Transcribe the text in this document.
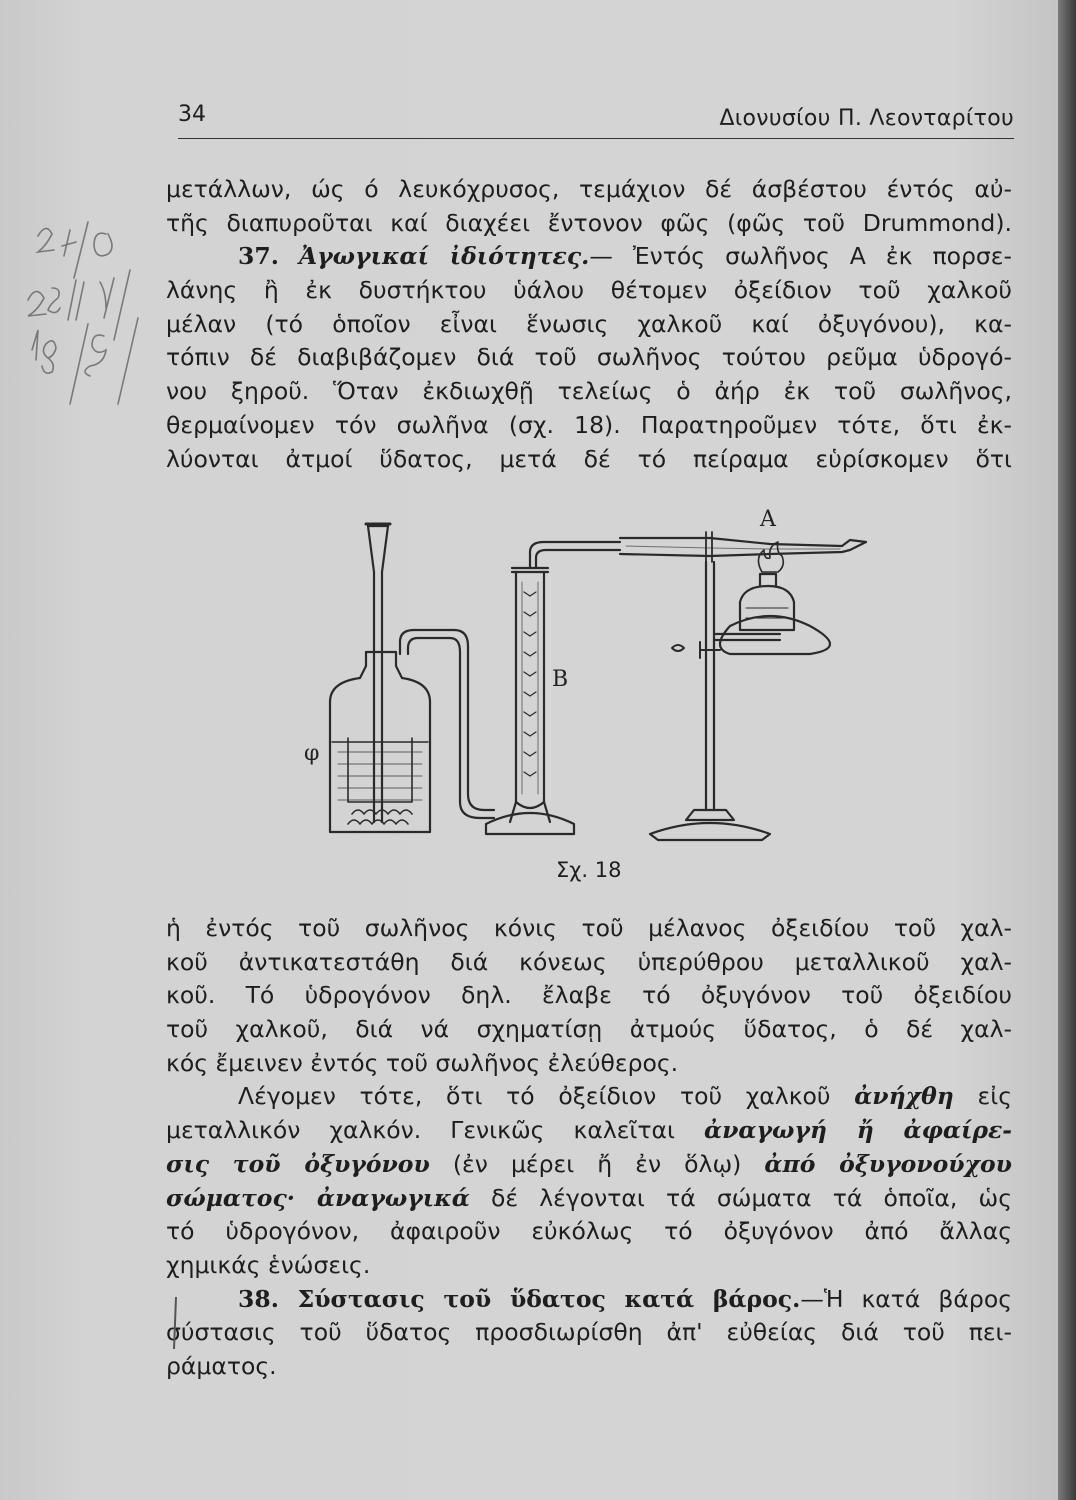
34	Διονυσίου Π. Λεονταρίτου
μετάλλων, ώς ό λευκόχρυσος, τεμάχιον δέ άσβέστου έντός αὐ-
τῆς διαπυροῦται καί διαχέει ἔντονον φῶς (φῶς τοῦ Drummond).
37. Ἀγωγικαί ἰδιότητες.— Ἐντός σωλῆνος Α ἐκ πορσε-
λάνης ἢ ἐκ δυστήκτου ὑάλου θέτομεν ὀξείδιον τοῦ χαλκοῦ
μέλαν (τό ὁποῖον εἶναι ἕνωσις χαλκοῦ καί ὀξυγόνου), κα-
τόπιν δέ διαβιβάζομεν διά τοῦ σωλῆνος τούτου ρεῦμα ὑδρογό-
νου ξηροῦ. Ὅταν ἐκδιωχθῇ τελείως ὁ ἀήρ ἐκ τοῦ σωλῆνος,
θερμαίνομεν τόν σωλῆνα (σχ. 18). Παρατηροῦμεν τότε, ὅτι ἐκ-
λύονται ἀτμοί ὕδατος, μετά δέ τό πείραμα εὑρίσκομεν ὅτι
Α
Β
φ
Σχ. 18
ἡ ἐντός τοῦ σωλῆνος κόνις τοῦ μέλανος ὀξειδίου τοῦ χαλ-
κοῦ ἀντικατεστάθη διά κόνεως ὑπερύθρου μεταλλικοῦ χαλ-
κοῦ. Τό ὑδρογόνον δηλ. ἔλαβε τό ὀξυγόνον τοῦ ὀξειδίου
τοῦ χαλκοῦ, διά νά σχηματίσῃ ἀτμούς ὕδατος, ὁ δέ χαλ-
κός ἔμεινεν ἐντός τοῦ σωλῆνος ἐλεύθερος.
Λέγομεν τότε, ὅτι τό ὀξείδιον τοῦ χαλκοῦ ἀνήχθη εἰς
μεταλλικόν χαλκόν. Γενικῶς καλεῖται ἀναγωγή ἤ ἀφαίρε-
σις τοῦ ὀξυγόνου (ἐν μέρει ἤ ἐν ὅλῳ) ἀπό ὀξυγονούχου
σώματος· ἀναγωγικά δέ λέγονται τά σώματα τά ὁποῖα, ὡς
τό ὑδρογόνον, ἀφαιροῦν εὐκόλως τό ὀξυγόνον ἀπό ἄλλας
χημικάς ἑνώσεις.
38. Σύστασις τοῦ ὕδατος κατά βάρος.—Ἡ κατά βάρος
σύστασις τοῦ ὕδατος προσδιωρίσθη ἀπ' εὐθείας διά τοῦ πει-
ράματος.
